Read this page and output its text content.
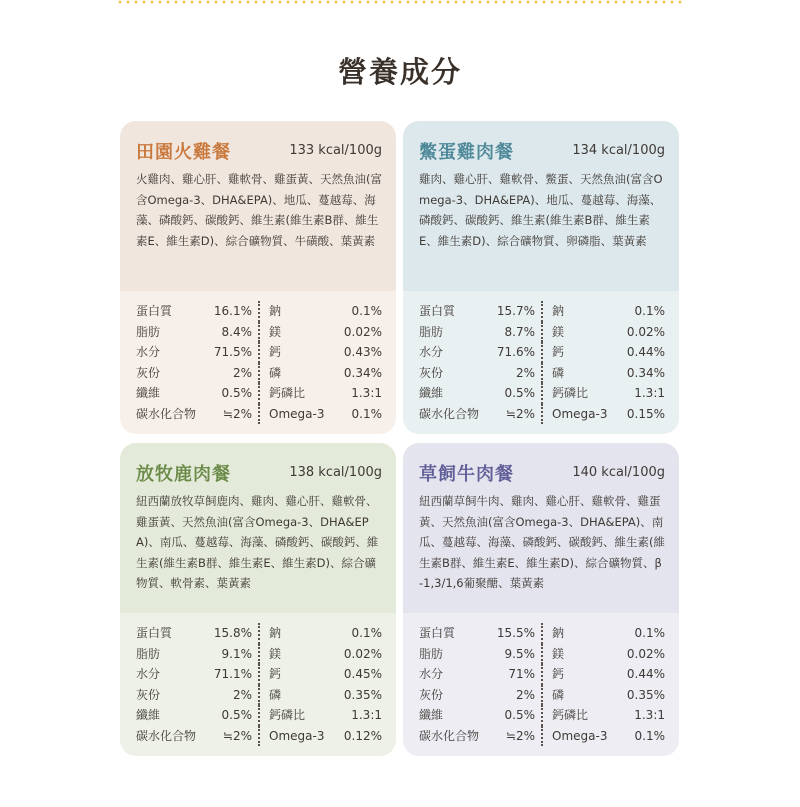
營養成分
田園火雞餐	133 kcal/100g
火雞肉、雞心肝、雞軟骨、雞蛋黃、天然魚油(富含Omega-3、DHA&EPA)、地瓜、蔓越莓、海藻、磷酸鈣、碳酸鈣、維生素(維生素B群、維生素E、維生素D)、綜合礦物質、牛磺酸、葉黃素
蛋白質	16.1% 鈉	0.1%
脂肪	8.4% 鎂	0.02%
水分	71.5% 鈣	0.43%
灰份	2% 磷	0.34%
纖維	0.5% 鈣磷比	1.3:1
碳水化合物 ≒2% Omega-3 0.1%
鱉蛋雞肉餐	134 kcal/100g
雞肉、雞心肝、雞軟骨、鱉蛋、天然魚油(富含Omega-3、DHA&EPA)、地瓜、蔓越莓、海藻、磷酸鈣、碳酸鈣、維生素(維生素B群、維生素E、維生素D)、綜合礦物質、卵磷脂、葉黃素
蛋白質	15.7% 鈉	0.1%
脂肪	8.7% 鎂	0.02%
水分	71.6% 鈣	0.44%
灰份	2% 磷	0.34%
纖維	0.5% 鈣磷比	1.3:1
碳水化合物 ≒2% Omega-3 0.15%
放牧鹿肉餐	138 kcal/100g
紐西蘭放牧草飼鹿肉、雞肉、雞心肝、雞軟骨、雞蛋黃、天然魚油(富含Omega-3、DHA&EPA)、南瓜、蔓越莓、海藻、磷酸鈣、碳酸鈣、維生素(維生素B群、維生素E、維生素D)、綜合礦物質、軟骨素、葉黃素
蛋白質	15.8% 鈉	0.1%
脂肪	9.1% 鎂	0.02%
水分	71.1% 鈣	0.45%
灰份	2% 磷	0.35%
纖維	0.5% 鈣磷比	1.3:1
碳水化合物 ≒2% Omega-3 0.12%
草飼牛肉餐	140 kcal/100g
紐西蘭草飼牛肉、雞肉、雞心肝、雞軟骨、雞蛋黃、天然魚油(富含Omega-3、DHA&EPA)、南瓜、蔓越莓、海藻、磷酸鈣、碳酸鈣、維生素(維生素B群、維生素E、維生素D)、綜合礦物質、β-1,3/1,6葡聚醣、葉黃素
蛋白質	15.5% 鈉	0.1%
脂肪	9.5% 鎂	0.02%
水分	71% 鈣	0.44%
灰份	2% 磷	0.35%
纖維	0.5% 鈣磷比	1.3:1
碳水化合物 ≒2% Omega-3 0.1%
